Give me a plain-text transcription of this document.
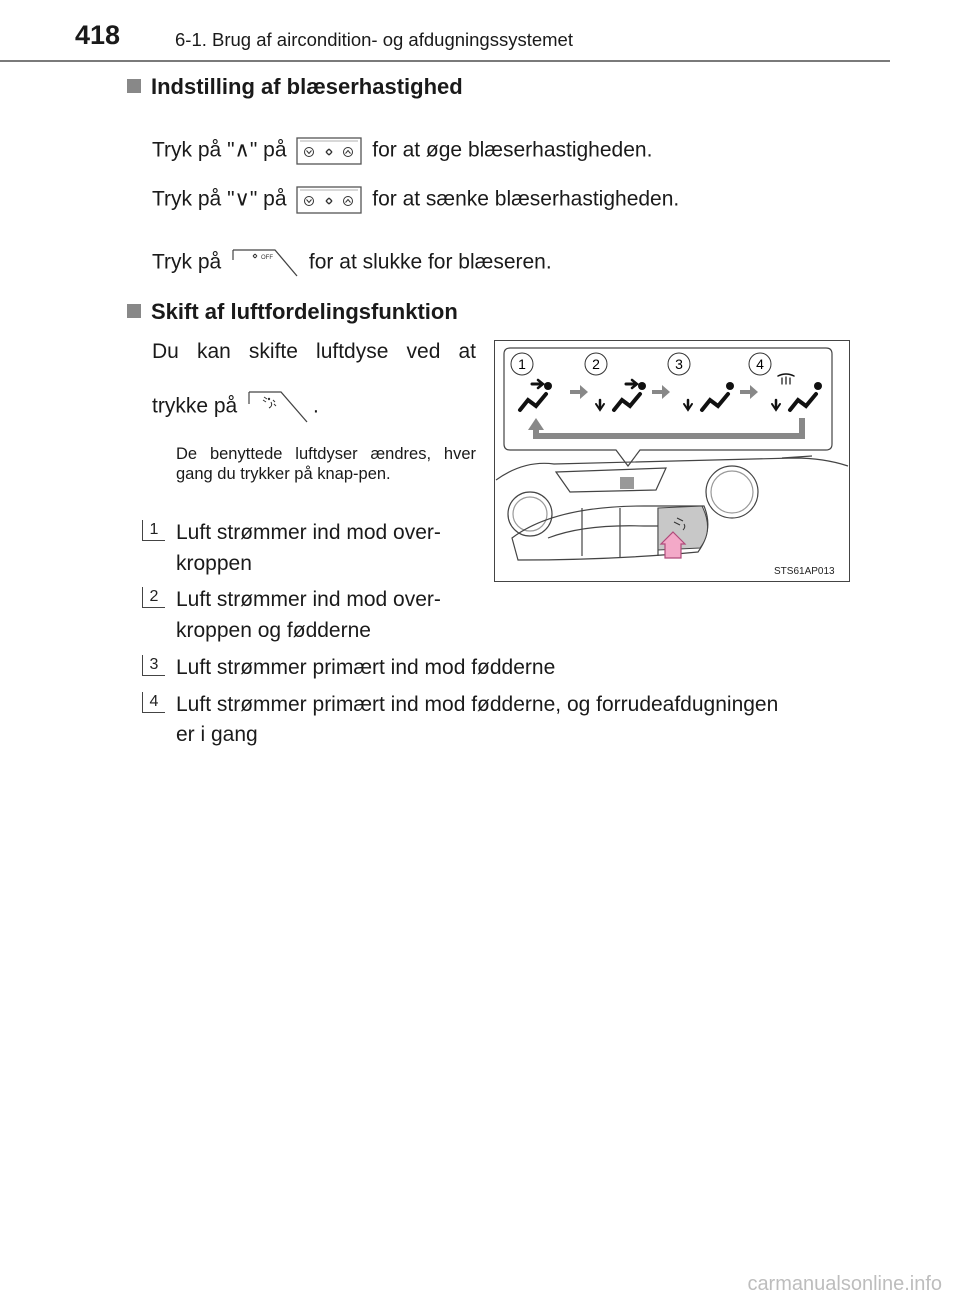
418	6-1. Brug af aircondition- og afdugningssystemet
Indstilling af blæserhastighed
Tryk på "∧" på	for at øge blæserhastigheden.
Tryk på "∨" på	for at sænke blæserhastigheden.
Tryk på	OFF for at slukke for blæseren.
Skift af luftfordelingsfunktion
Du kan skifte luftdyse ved at
trykke på	.
De benyttede luftdyser ændres, hver gang du trykker på knap-pen.
1 Luft strømmer ind mod over-
kroppen
2 Luft strømmer ind mod over-
kroppen og fødderne
3 Luft strømmer primært ind mod fødderne
4 Luft strømmer primært ind mod fødderne, og forrudeafdugningen
er i gang
1	2	3	4
STS61AP013
carmanualsonline.info
